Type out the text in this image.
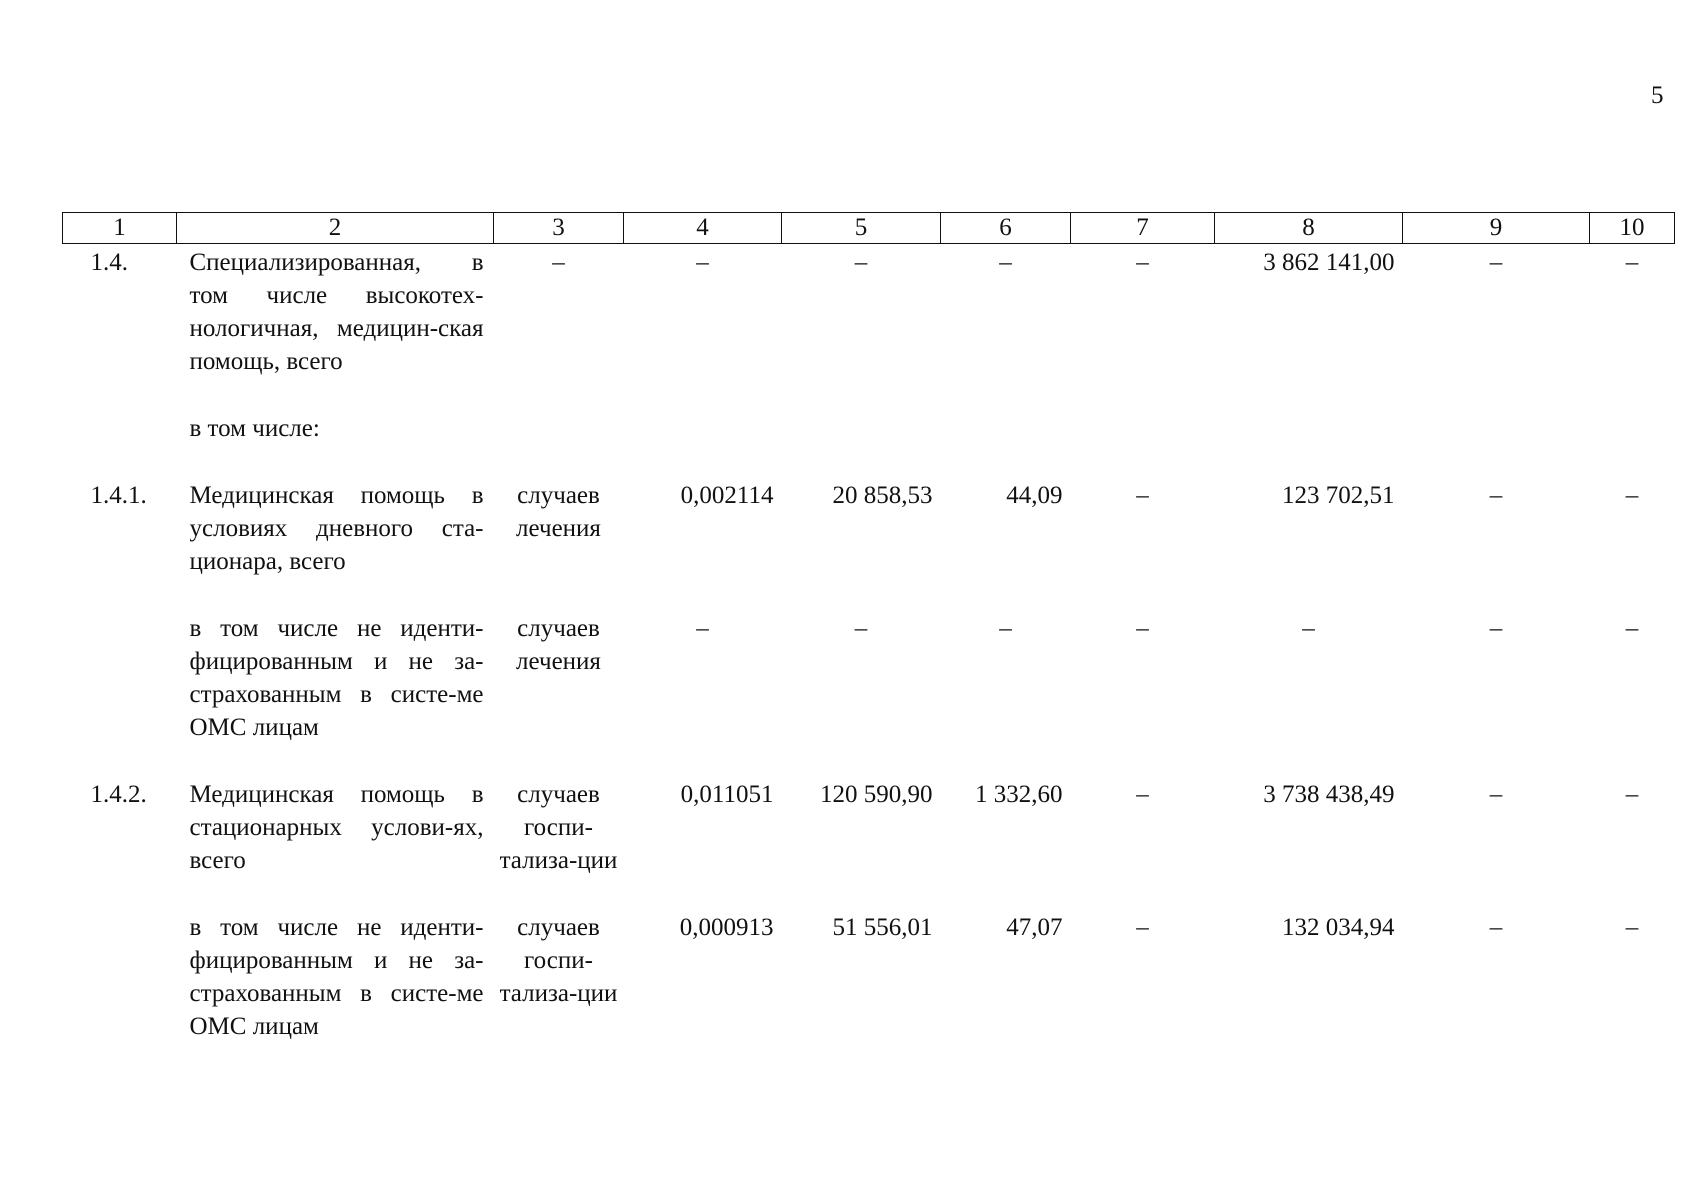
5
1	2	3	4	5	6	7	8	9	10
1.4.	Специализированная, в том числе высокотех-нологичная, медицин-ская помощь, всего	–	–	–	–	–	3 862 141,00	–	–
	в том числе:								
1.4.1.	Медицинская помощь в условиях дневного ста-ционара, всего	случаев лечения	0,002114	20 858,53	44,09	–	123 702,51	–	–
	в том числе не иденти-фицированным и не за-страхованным в систе-ме ОМС лицам	случаев лечения	–	–	–	–	–	–	–
1.4.2.	Медицинская помощь в стационарных услови-ях, всего	случаев госпи-тализа-ции	0,011051	120 590,90	1 332,60	–	3 738 438,49	–	–
	в том числе не иденти-фицированным и не за-страхованным в систе-ме ОМС лицам	случаев госпи-тализа-ции	0,000913	51 556,01	47,07	–	132 034,94	–	–
